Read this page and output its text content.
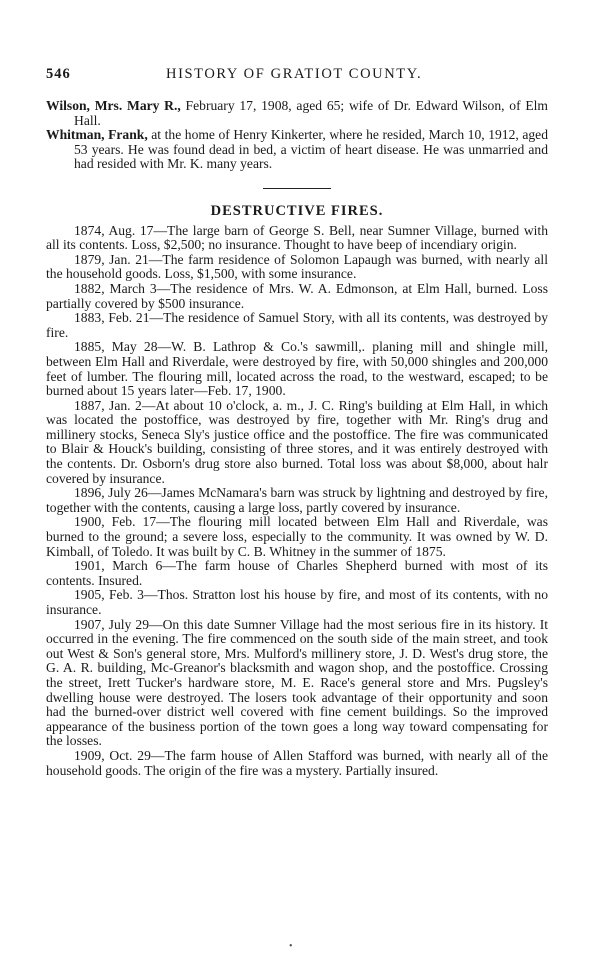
546	HISTORY OF GRATIOT COUNTY.

Wilson, Mrs. Mary R., February 17, 1908, aged 65; wife of Dr. Edward Wilson, of Elm Hall.

Whitman, Frank, at the home of Henry Kinkerter, where he resided, March 10, 1912, aged 53 years. He was found dead in bed, a victim of heart disease. He was unmarried and had resided with Mr. K. many years.

DESTRUCTIVE FIRES.

1874, Aug. 17—The large barn of George S. Bell, near Sumner Village, burned with all its contents. Loss, $2,500; no insurance. Thought to have beep of incendiary origin.

1879, Jan. 21—The farm residence of Solomon Lapaugh was burned, with nearly all the household goods. Loss, $1,500, with some insurance.

1882, March 3—The residence of Mrs. W. A. Edmonson, at Elm Hall, burned. Loss partially covered by $500 insurance.

1883, Feb. 21—The residence of Samuel Story, with all its contents, was destroyed by fire.

1885, May 28—W. B. Lathrop & Co.'s sawmill,. planing mill and shingle mill, between Elm Hall and Riverdale, were destroyed by fire, with 50,000 shingles and 200,000 feet of lumber. The flouring mill, located across the road, to the westward, escaped; to be burned about 15 years later—Feb. 17, 1900.

1887, Jan. 2—At about 10 o'clock, a. m., J. C. Ring's building at Elm Hall, in which was located the postoffice, was destroyed by fire, together with Mr. Ring's drug and millinery stocks, Seneca Sly's justice office and the postoffice. The fire was communicated to Blair & Houck's building, consisting of three stores, and it was entirely destroyed with the contents. Dr. Osborn's drug store also burned. Total loss was about $8,000, about halr covered by insurance.

1896, July 26—James McNamara's barn was struck by lightning and destroyed by fire, together with the contents, causing a large loss, partly covered by insurance.

1900, Feb. 17—The flouring mill located between Elm Hall and Riverdale, was burned to the ground; a severe loss, especially to the community. It was owned by W. D. Kimball, of Toledo. It was built by C. B. Whitney in the summer of 1875.

1901, March 6—The farm house of Charles Shepherd burned with most of its contents. Insured.

1905, Feb. 3—Thos. Stratton lost his house by fire, and most of its contents, with no insurance.

1907, July 29—On this date Sumner Village had the most serious fire in its history. It occurred in the evening. The fire commenced on the south side of the main street, and took out West & Son's general store, Mrs. Mulford's millinery store, J. D. West's drug store, the G. A. R. building, Mc-Greanor's blacksmith and wagon shop, and the postoffice. Crossing the street, Irett Tucker's hardware store, M. E. Race's general store and Mrs. Pugsley's dwelling house were destroyed. The losers took advantage of their opportunity and soon had the burned-over district well covered with fine cement buildings. So the improved appearance of the business portion of the town goes a long way toward compensating for the losses.

1909, Oct. 29—The farm house of Allen Stafford was burned, with nearly all of the household goods. The origin of the fire was a mystery. Partially insured.

•
